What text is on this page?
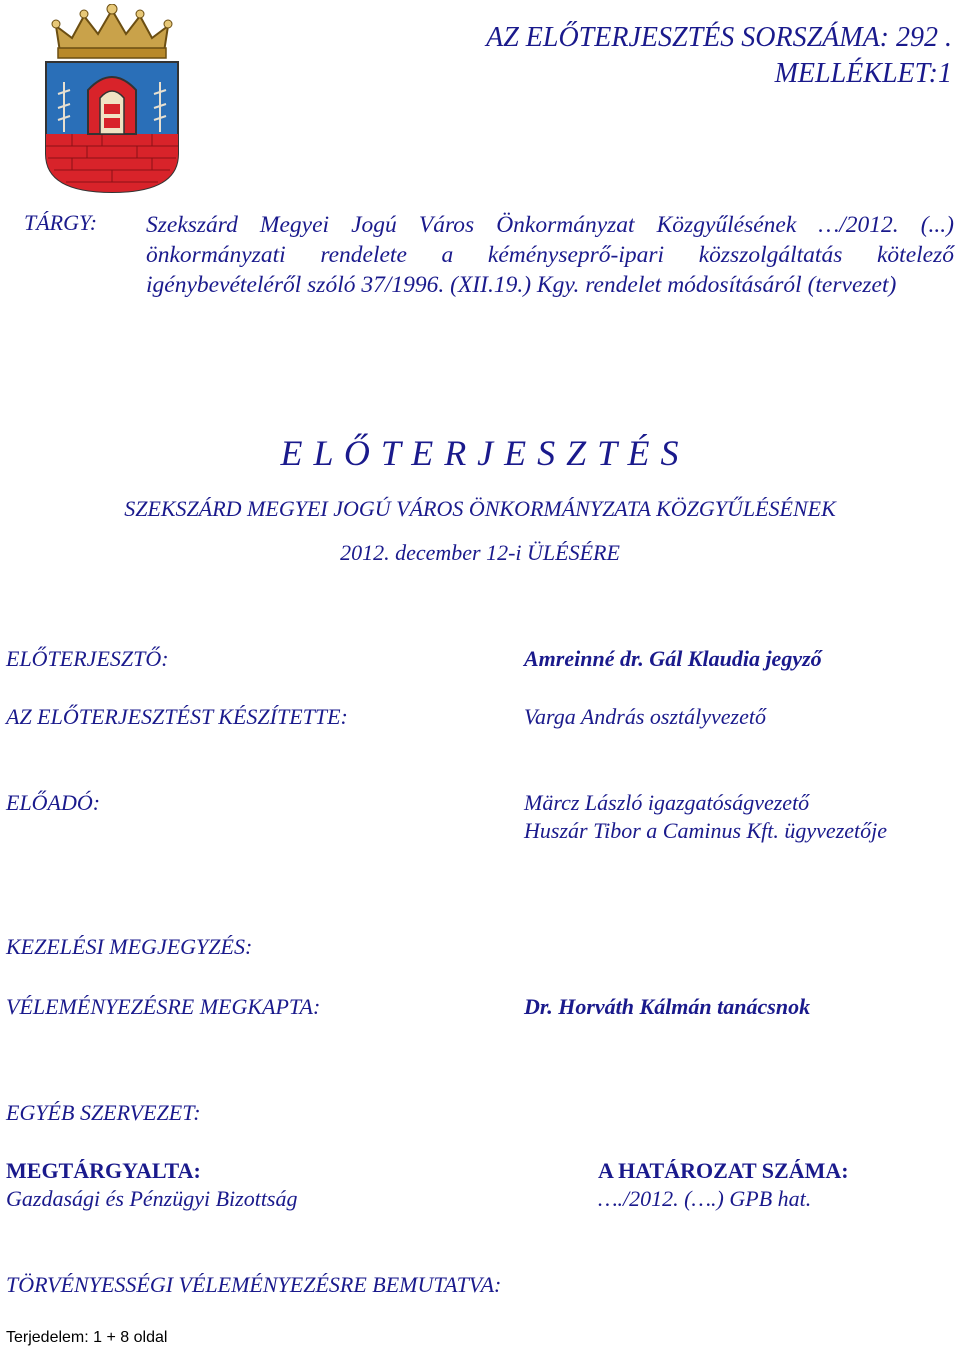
AZ ELŐTERJESZTÉS SORSZÁMA: 292 .
MELLÉKLET:1
TÁRGY: Szekszárd Megyei Jogú Város Önkormányzat Közgyűlésének …/2012. (...) önkormányzati rendelete a kéményseprő-ipari közszolgáltatás kötelező igénybevételéről szóló 37/1996. (XII.19.) Kgy. rendelet módosításáról (tervezet)
E L Ő T E R J E S Z T É S
SZEKSZÁRD MEGYEI JOGÚ VÁROS ÖNKORMÁNYZATA KÖZGYŰLÉSÉNEK
2012. december 12-i ÜLÉSÉRE
ELŐTERJESZTŐ:	Amreinné dr. Gál Klaudia jegyző
AZ ELŐTERJESZTÉST KÉSZÍTETTE:	Varga András osztályvezető
ELŐADÓ:	Märcz László igazgatóságvezető
Huszár Tibor a Caminus Kft. ügyvezetője
KEZELÉSI MEGJEGYZÉS:
VÉLEMÉNYEZÉSRE MEGKAPTA:	Dr. Horváth Kálmán tanácsnok
EGYÉB SZERVEZET:
MEGTÁRGYALTA:
Gazdasági és Pénzügyi Bizottság
A HATÁROZAT SZÁMA:
…./2012. (….) GPB hat.
TÖRVÉNYESSÉGI VÉLEMÉNYEZÉSRE BEMUTATVA:
Terjedelem: 1 + 8 oldal
